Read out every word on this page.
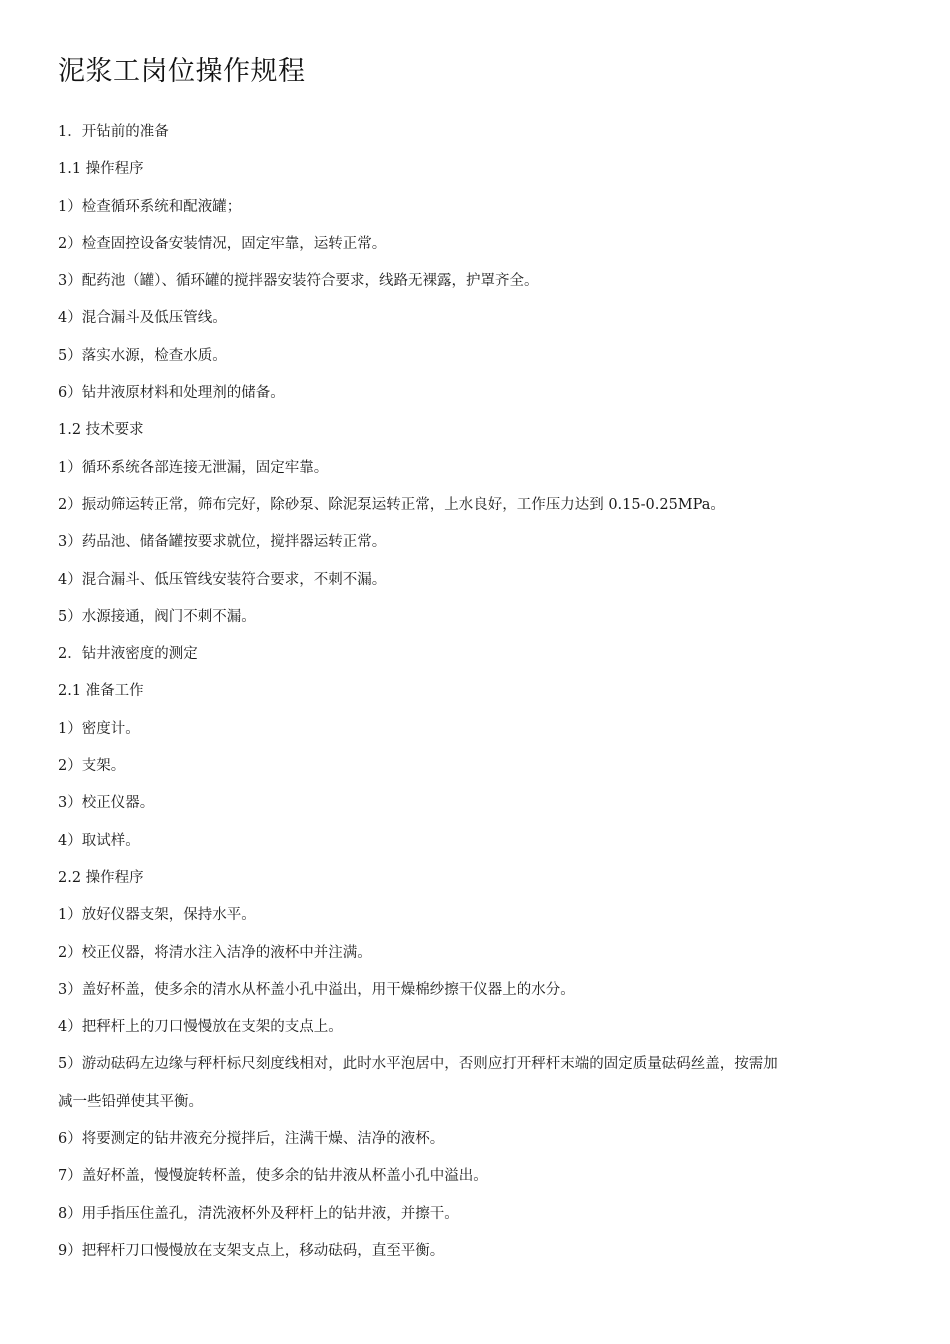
泥浆工岗位操作规程
1．开钻前的准备
1.1 操作程序
1）检查循环系统和配液罐；
2）检查固控设备安装情况，固定牢靠，运转正常。
3）配药池（罐）、循环罐的搅拌器安装符合要求，线路无裸露，护罩齐全。
4）混合漏斗及低压管线。
5）落实水源，检查水质。
6）钻井液原材料和处理剂的储备。
1.2 技术要求
1）循环系统各部连接无泄漏，固定牢靠。
2）振动筛运转正常，筛布完好，除砂泵、除泥泵运转正常，上水良好，工作压力达到 0.15-0.25MPa。
3）药品池、储备罐按要求就位，搅拌器运转正常。
4）混合漏斗、低压管线安装符合要求，不刺不漏。
5）水源接通，阀门不刺不漏。
2．钻井液密度的测定
2.1 准备工作
1）密度计。
2）支架。
3）校正仪器。
4）取试样。
2.2 操作程序
1）放好仪器支架，保持水平。
2）校正仪器，将清水注入洁净的液杯中并注满。
3）盖好杯盖，使多余的清水从杯盖小孔中溢出，用干燥棉纱擦干仪器上的水分。
4）把秤杆上的刀口慢慢放在支架的支点上。
5）游动砝码左边缘与秤杆标尺刻度线相对，此时水平泡居中，否则应打开秤杆末端的固定质量砝码丝盖，按需加
减一些铅弹使其平衡。
6）将要测定的钻井液充分搅拌后，注满干燥、洁净的液杯。
7）盖好杯盖，慢慢旋转杯盖，使多余的钻井液从杯盖小孔中溢出。
8）用手指压住盖孔，清洗液杯外及秤杆上的钻井液，并擦干。
9）把秤杆刀口慢慢放在支架支点上，移动砝码，直至平衡。
